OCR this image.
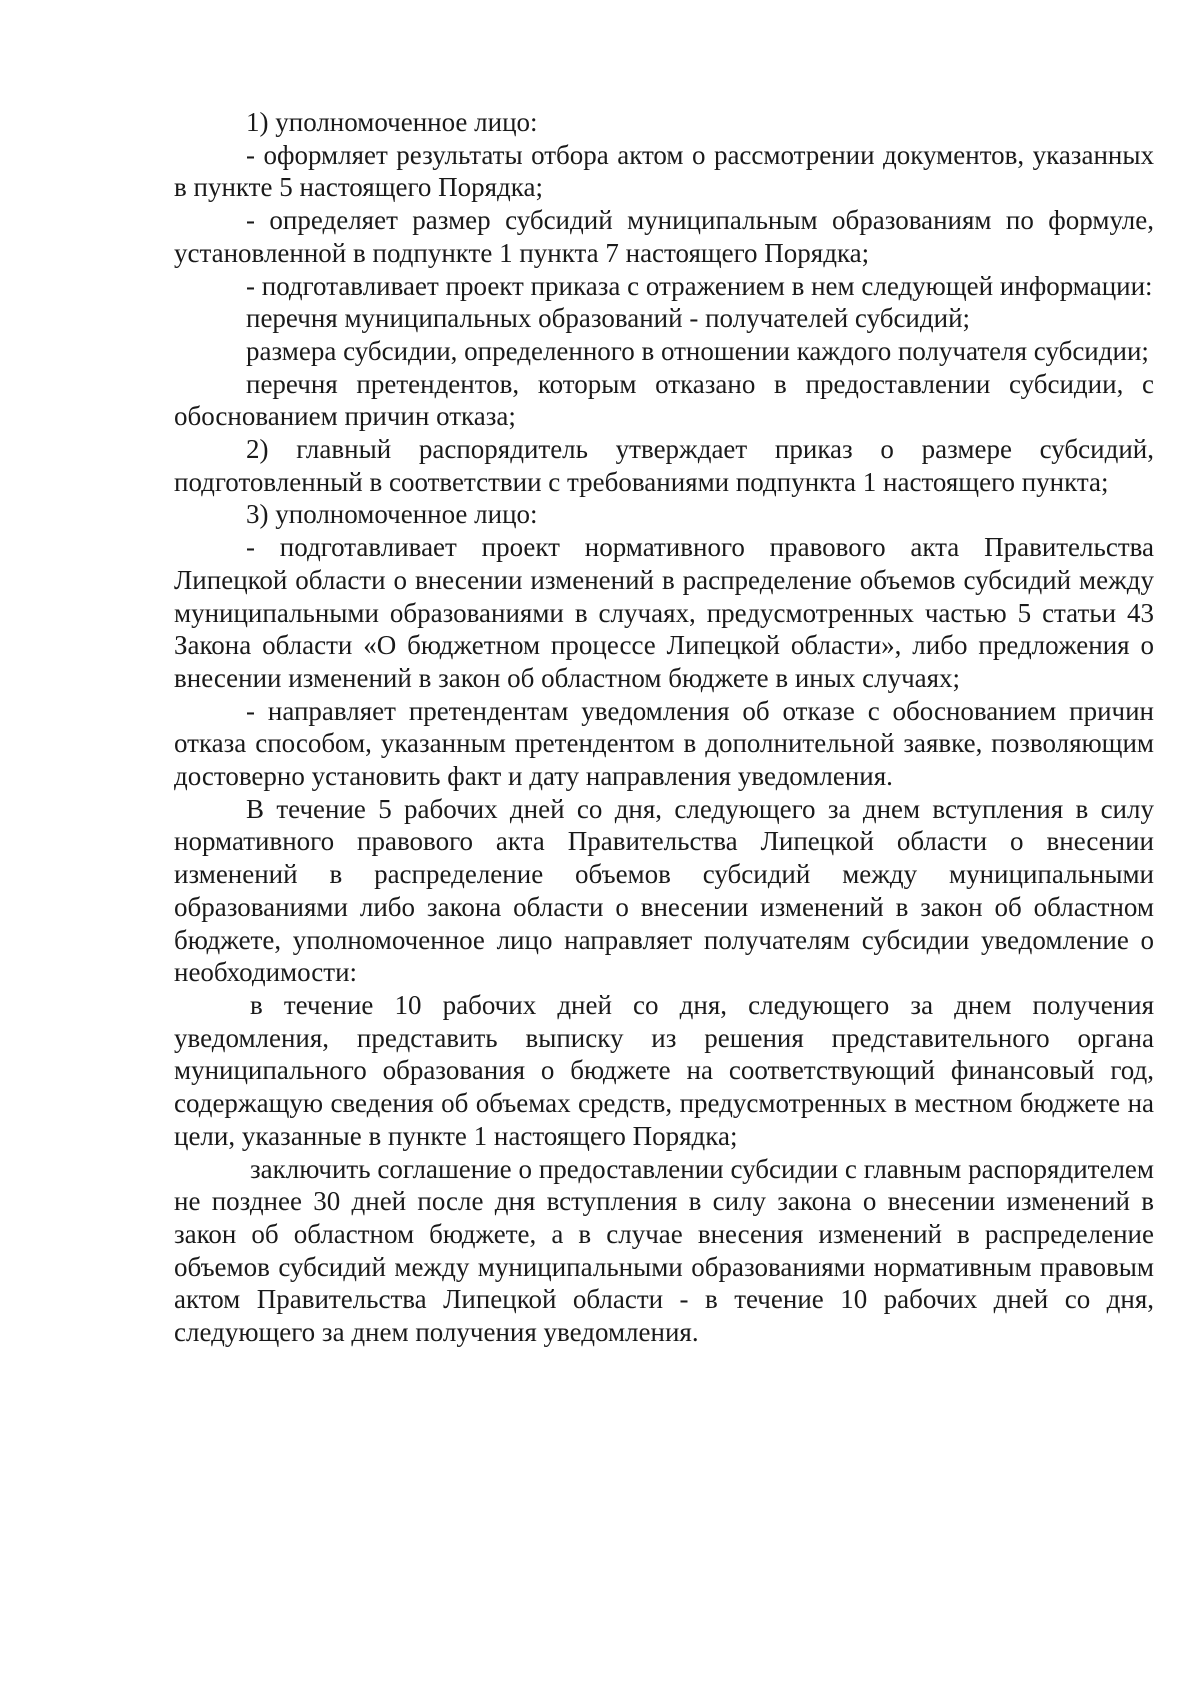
1) уполномоченное лицо:

- оформляет результаты отбора актом о рассмотрении документов, указанных в пункте 5 настоящего Порядка;

- определяет размер субсидий муниципальным образованиям по формуле, установленной в подпункте 1 пункта 7 настоящего Порядка;

- подготавливает проект приказа с отражением в нем следующей информации:

перечня муниципальных образований - получателей субсидий;

размера субсидии, определенного в отношении каждого получателя субсидии;

перечня претендентов, которым отказано в предоставлении субсидии, с обоснованием причин отказа;

2) главный распорядитель утверждает приказ о размере субсидий, подготовленный в соответствии с требованиями подпункта 1 настоящего пункта;

3) уполномоченное лицо:

- подготавливает проект нормативного правового акта Правительства Липецкой области о внесении изменений в распределение объемов субсидий между муниципальными образованиями в случаях, предусмотренных частью 5 статьи 43 Закона области «О бюджетном процессе Липецкой области», либо предложения о внесении изменений в закон об областном бюджете в иных случаях;

- направляет претендентам уведомления об отказе с обоснованием причин отказа способом, указанным претендентом в дополнительной заявке, позволяющим достоверно установить факт и дату направления уведомления.

В течение 5 рабочих дней со дня, следующего за днем вступления в силу нормативного правового акта Правительства Липецкой области о внесении изменений в распределение объемов субсидий между муниципальными образованиями либо закона области о внесении изменений в закон об областном бюджете, уполномоченное лицо направляет получателям субсидии уведомление о необходимости:

в течение 10 рабочих дней со дня, следующего за днем получения уведомления, представить выписку из решения представительного органа муниципального образования о бюджете на соответствующий финансовый год, содержащую сведения об объемах средств, предусмотренных в местном бюджете на цели, указанные в пункте 1 настоящего Порядка;

заключить соглашение о предоставлении субсидии с главным распорядителем не позднее 30 дней после дня вступления в силу закона о внесении изменений в закон об областном бюджете, а в случае внесения изменений в распределение объемов субсидий между муниципальными образованиями нормативным правовым актом Правительства Липецкой области - в течение 10 рабочих дней со дня, следующего за днем получения уведомления.
